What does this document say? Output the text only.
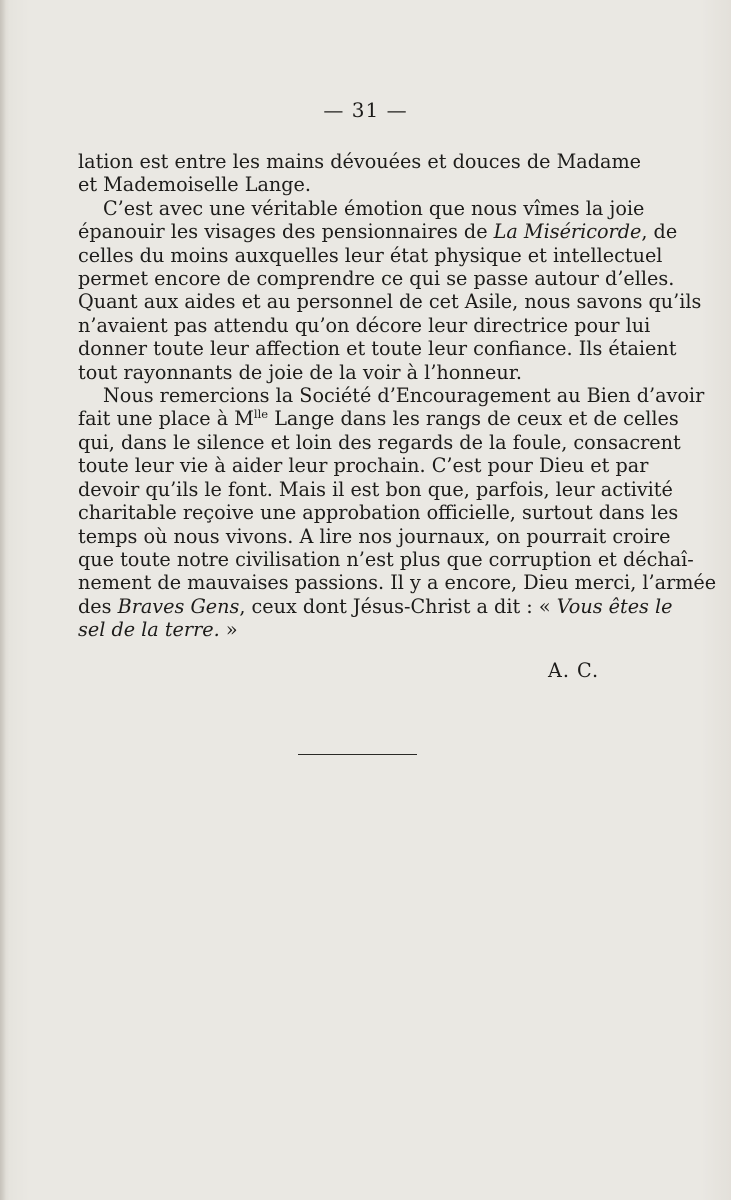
— 31 —

lation est entre les mains dévouées et douces de Madame
et Mademoiselle Lange.

C’est avec une véritable émotion que nous vîmes la joie
épanouir les visages des pensionnaires de La Miséricorde, de
celles du moins auxquelles leur état physique et intellectuel
permet encore de comprendre ce qui se passe autour d’elles.
Quant aux aides et au personnel de cet Asile, nous savons qu’ils
n’avaient pas attendu qu’on décore leur directrice pour lui
donner toute leur affection et toute leur confiance. Ils étaient
tout rayonnants de joie de la voir à l’honneur.

Nous remercions la Société d’Encouragement au Bien d’avoir
fait une place à $M^{lle}$ Lange dans les rangs de ceux et de celles
qui, dans le silence et loin des regards de la foule, consacrent
toute leur vie à aider leur prochain. C’est pour Dieu et par
devoir qu’ils le font. Mais il est bon que, parfois, leur activité
charitable reçoive une approbation officielle, surtout dans les
temps où nous vivons. A lire nos journaux, on pourrait croire
que toute notre civilisation n’est plus que corruption et déchaî-
nement de mauvaises passions. Il y a encore, Dieu merci, l’armée
des Braves Gens, ceux dont Jésus-Christ a dit : « Vous êtes le
sel de la terre. »

A. C.
